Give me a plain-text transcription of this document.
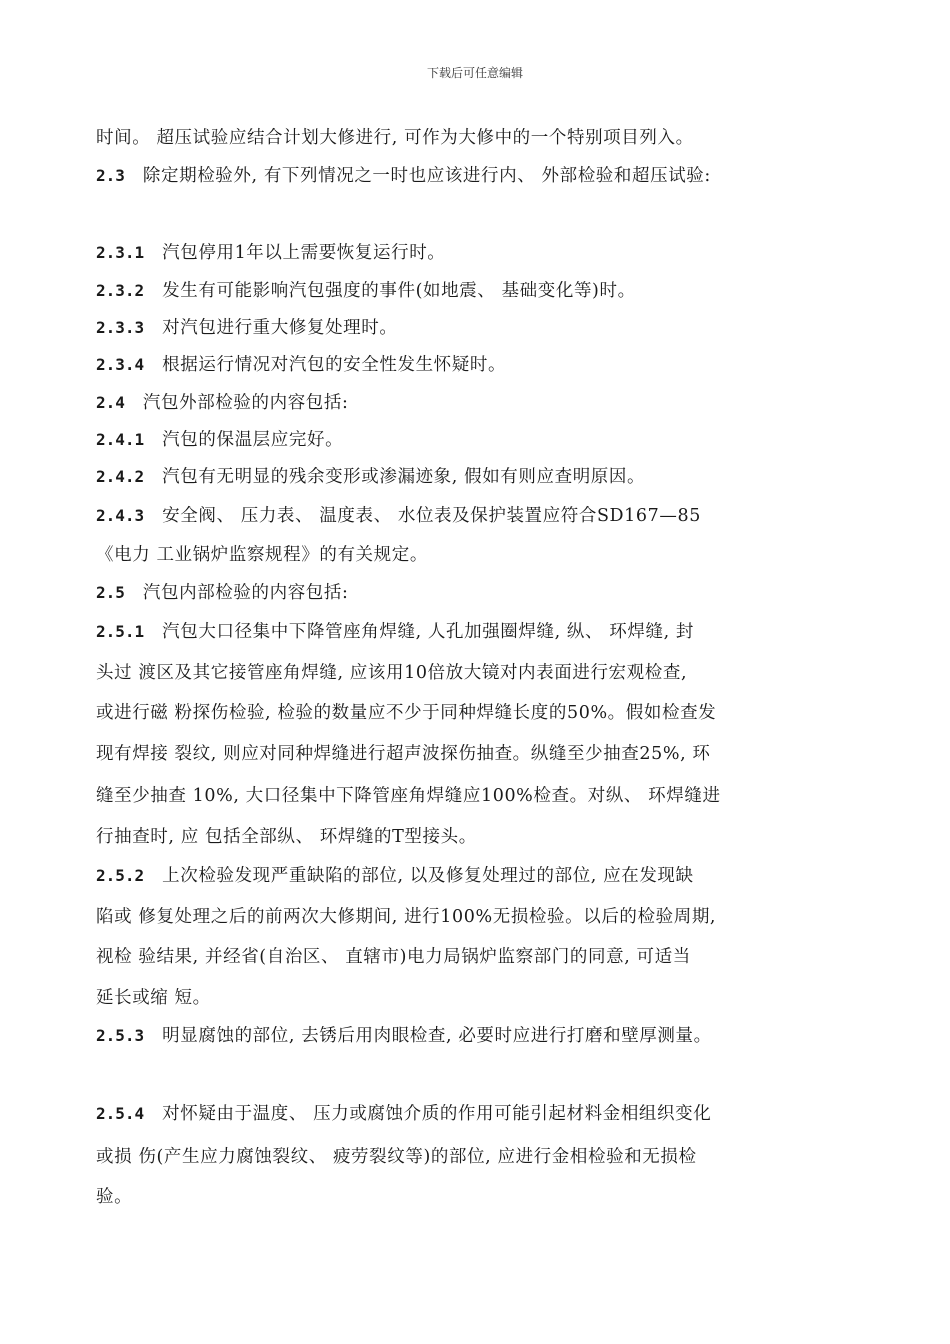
下载后可任意编辑
时间。 超压试验应结合计划大修进行, 可作为大修中的一个特别项目列入。
2.3 除定期检验外, 有下列情况之一时也应该进行内、 外部检验和超压试验:
2.3.1 汽包停用1年以上需要恢复运行时。
2.3.2 发生有可能影响汽包强度的事件(如地震、 基础变化等)时。
2.3.3 对汽包进行重大修复处理时。
2.3.4 根据运行情况对汽包的安全性发生怀疑时。
2.4 汽包外部检验的内容包括:
2.4.1 汽包的保温层应完好。
2.4.2 汽包有无明显的残余变形或渗漏迹象, 假如有则应查明原因。
2.4.3 安全阀、 压力表、 温度表、 水位表及保护装置应符合SD167—85
《电力 工业锅炉监察规程》的有关规定。
2.5 汽包内部检验的内容包括:
2.5.1 汽包大口径集中下降管座角焊缝, 人孔加强圈焊缝, 纵、 环焊缝, 封
头过 渡区及其它接管座角焊缝, 应该用10倍放大镜对内表面进行宏观检查,
或进行磁 粉探伤检验, 检验的数量应不少于同种焊缝长度的50%。假如检查发
现有焊接 裂纹, 则应对同种焊缝进行超声波探伤抽查。纵缝至少抽查25%, 环
缝至少抽查 10%, 大口径集中下降管座角焊缝应100%检查。对纵、 环焊缝进
行抽查时, 应 包括全部纵、 环焊缝的T型接头。
2.5.2 上次检验发现严重缺陷的部位, 以及修复处理过的部位, 应在发现缺
陷或 修复处理之后的前两次大修期间, 进行100%无损检验。以后的检验周期,
视检 验结果, 并经省(自治区、 直辖市)电力局锅炉监察部门的同意, 可适当
延长或缩 短。
2.5.3 明显腐蚀的部位, 去锈后用肉眼检查, 必要时应进行打磨和壁厚测量。
2.5.4 对怀疑由于温度、 压力或腐蚀介质的作用可能引起材料金相组织变化
或损 伤(产生应力腐蚀裂纹、 疲劳裂纹等)的部位, 应进行金相检验和无损检
验。
